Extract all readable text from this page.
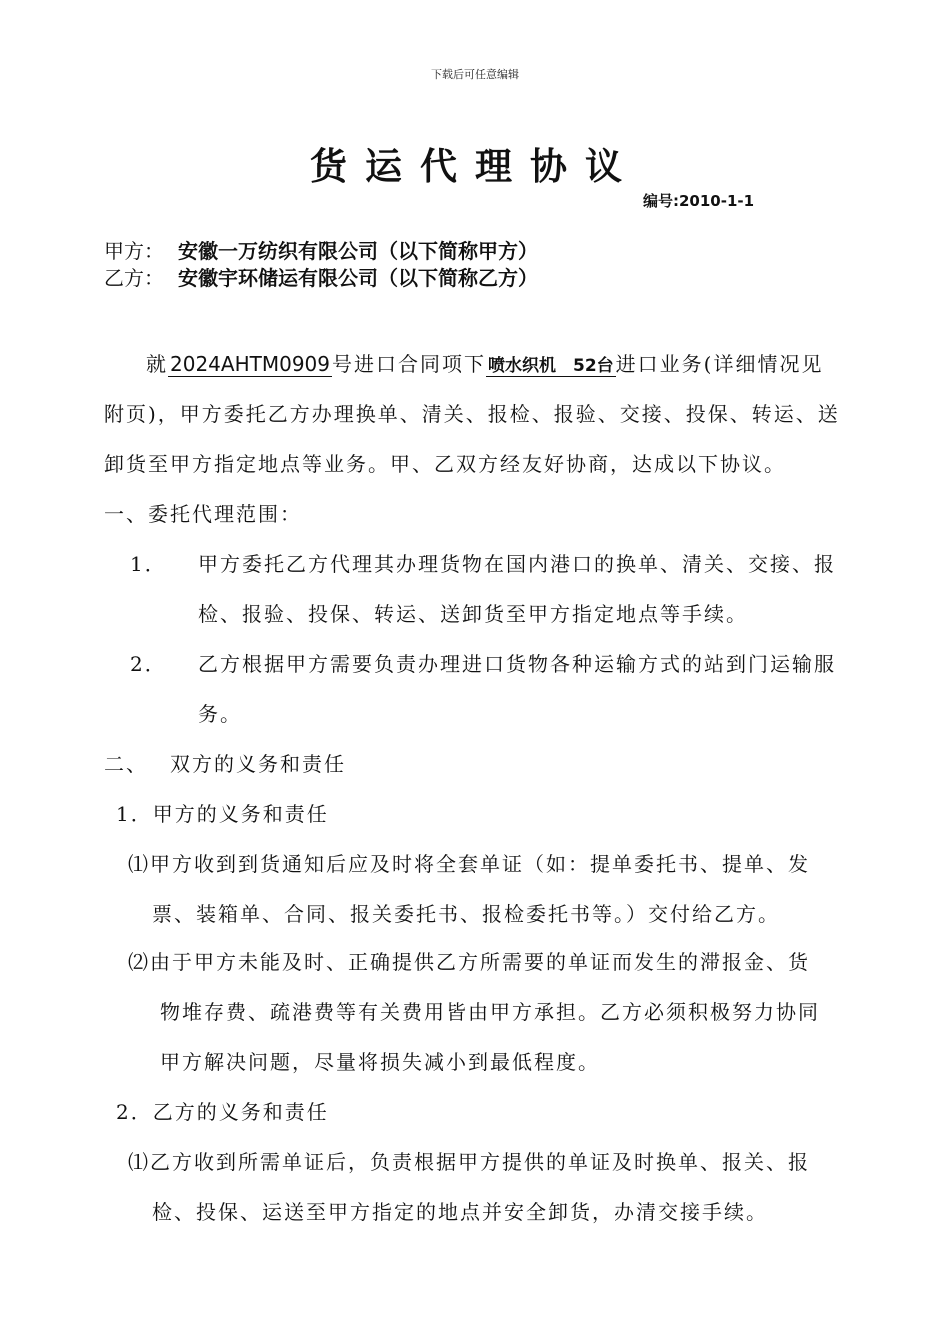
下载后可任意编辑
货运代理协议
编号:2010-1-1
甲方： 安徽一万纺织有限公司（以下简称甲方）
乙方： 安徽宇环储运有限公司（以下简称乙方）
就 2024AHTM0909 号进口合同项下 喷水织机　52台 进口业务(详细情况见
附页)，甲方委托乙方办理换单、清关、报检、报验、交接、投保、转运、送
卸货至甲方指定地点等业务。甲、乙双方经友好协商，达成以下协议。
一、委托代理范围：
1． 甲方委托乙方代理其办理货物在国内港口的换单、清关、交接、报
检、报验、投保、转运、送卸货至甲方指定地点等手续。
2． 乙方根据甲方需要负责办理进口货物各种运输方式的站到门运输服
务。
二、 双方的义务和责任
1．甲方的义务和责任
⑴甲方收到到货通知后应及时将全套单证（如：提单委托书、提单、发
票、装箱单、合同、报关委托书、报检委托书等。）交付给乙方。
⑵由于甲方未能及时、正确提供乙方所需要的单证而发生的滞报金、货
物堆存费、疏港费等有关费用皆由甲方承担。乙方必须积极努力协同
甲方解决问题，尽量将损失减小到最低程度。
2．乙方的义务和责任
⑴乙方收到所需单证后，负责根据甲方提供的单证及时换单、报关、报
检、投保、运送至甲方指定的地点并安全卸货，办清交接手续。
